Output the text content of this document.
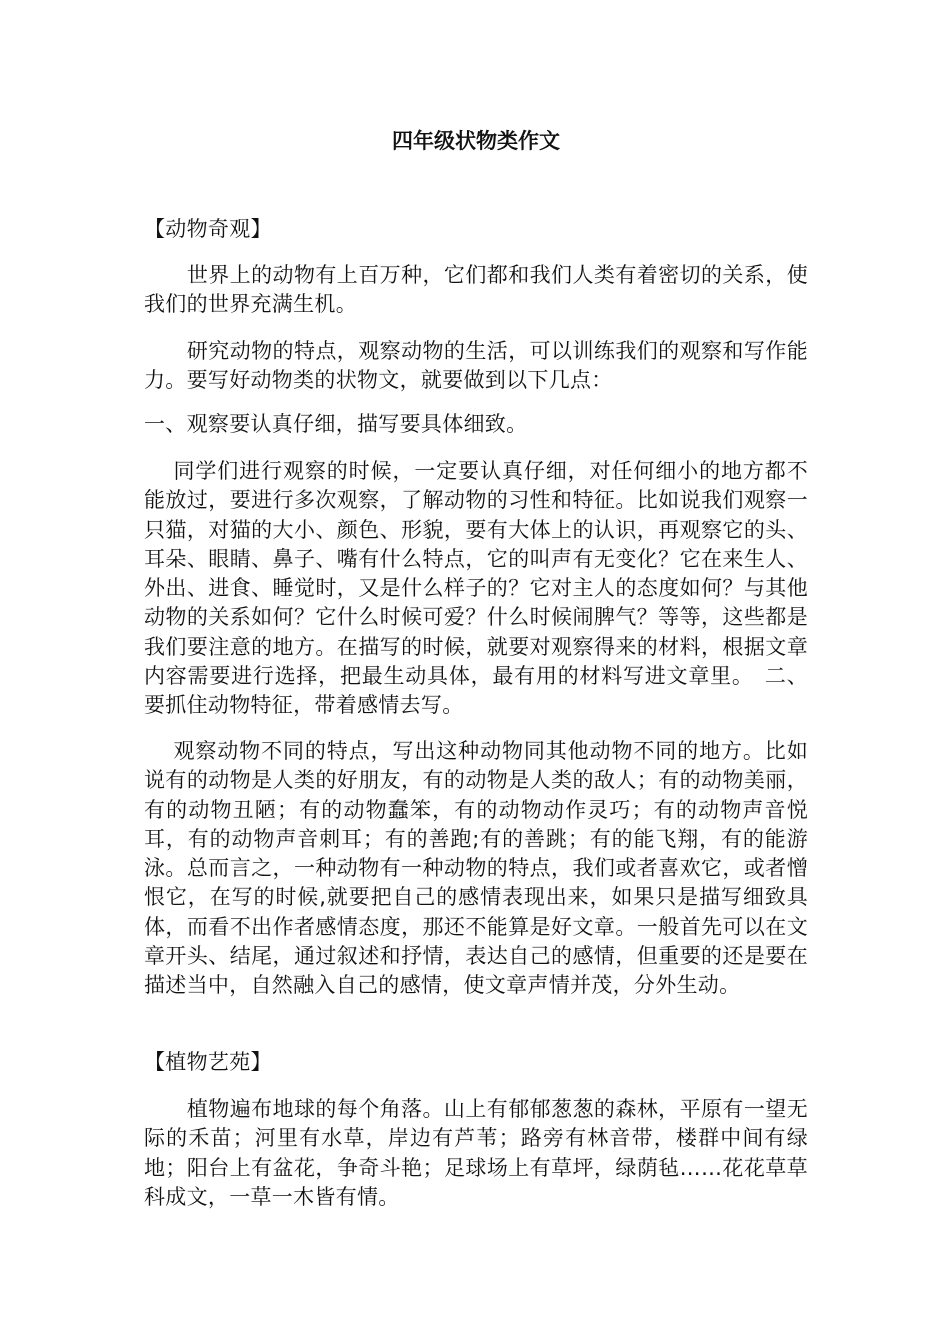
四年级状物类作文

【动物奇观】

　　世界上的动物有上百万种，它们都和我们人类有着密切的关系，使我们的世界充满生机。

　　研究动物的特点，观察动物的生活，可以训练我们的观察和写作能力。要写好动物类的状物文，就要做到以下几点：

一、观察要认真仔细，描写要具体细致。

　 同学们进行观察的时候，一定要认真仔细，对任何细小的地方都不能放过，要进行多次观察，了解动物的习性和特征。比如说我们观察一只猫，对猫的大小、颜色、形貌，要有大体上的认识，再观察它的头、耳朵、眼睛、鼻子、嘴有什么特点，它的叫声有无变化？它在来生人、外出、进食、睡觉时，又是什么样子的？它对主人的态度如何？与其他动物的关系如何？它什么时候可爱？什么时候闹脾气？等等，这些都是我们要注意的地方。在描写的时候，就要对观察得来的材料，根据文章内容需要进行选择，把最生动具体，最有用的材料写进文章里。　二、要抓住动物特征，带着感情去写。

　 观察动物不同的特点，写出这种动物同其他动物不同的地方。比如说有的动物是人类的好朋友，有的动物是人类的敌人；有的动物美丽，有的动物丑陋；有的动物蠢笨，有的动物动作灵巧；有的动物声音悦耳，有的动物声音刺耳；有的善跑;有的善跳；有的能飞翔，有的能游泳。总而言之，一种动物有一种动物的特点，我们或者喜欢它，或者憎恨它，在写的时候,就要把自己的感情表现出来，如果只是描写细致具体，而看不出作者感情态度，那还不能算是好文章。一般首先可以在文章开头、结尾，通过叙述和抒情，表达自己的感情，但重要的还是要在描述当中，自然融入自己的感情，使文章声情并茂，分外生动。

【植物艺苑】

　　植物遍布地球的每个角落。山上有郁郁葱葱的森林，平原有一望无际的禾苗；河里有水草，岸边有芦苇；路旁有林音带，楼群中间有绿地；阳台上有盆花，争奇斗艳；足球场上有草坪，绿荫毡……花花草草科成文，一草一木皆有情。
